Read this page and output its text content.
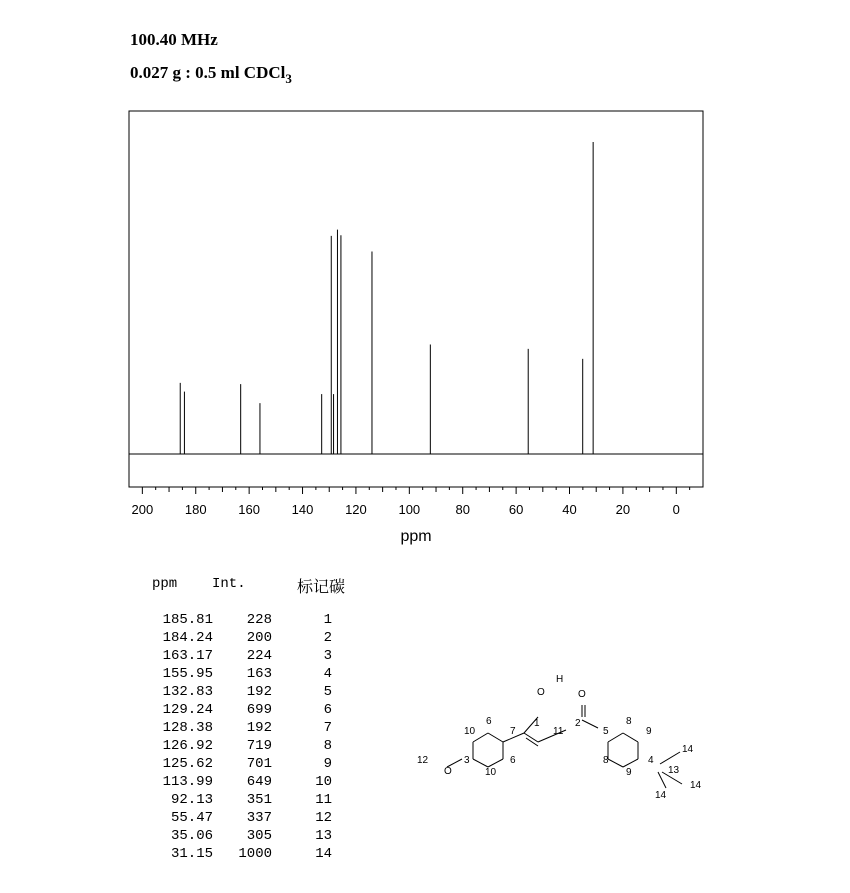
100.40 MHz
0.027 g : 0.5 ml CDCl$_3$
200 180 160 140 120 100	80	60	40	20	0
ppm
ppm Int.	标记碳
185.81 228	1
184.24 200	2
163.17 224	3
155.95 163	4
132.83 192	5
129.24 699	6
128.38 192	7
126.92 719	8
125.62 701	9
113.99 649	10
92.13 351	11
55.47 337	12
35.06 305	13
31.15 1000	14
O
H
O
O
1	2
3	4
5
6
6
7
8
8
9
9
10
10
11
12
13
14
14
14
